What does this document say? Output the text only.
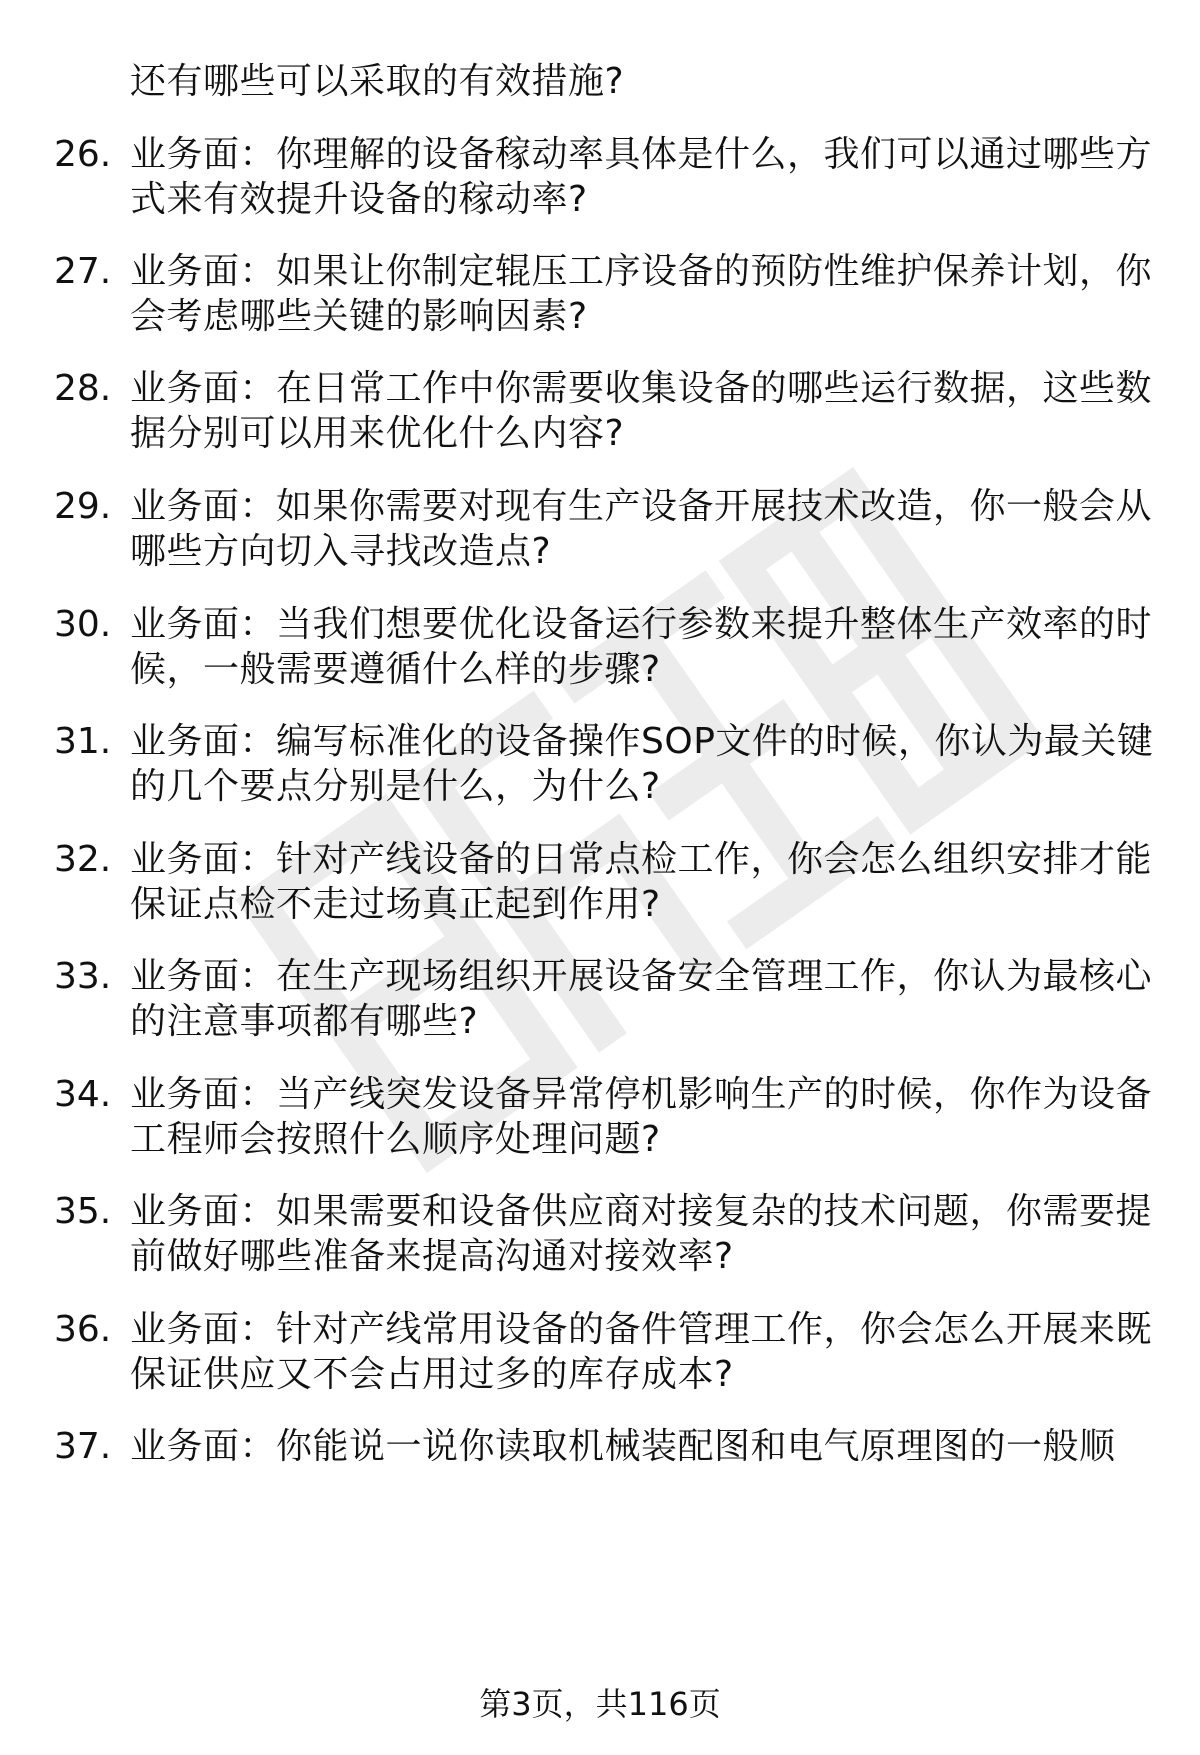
还有哪些可以采取的有效措施?
26. 业务面：你理解的设备稼动率具体是什么，我们可以通过哪些方
式来有效提升设备的稼动率?
27. 业务面：如果让你制定辊压工序设备的预防性维护保养计划，你
会考虑哪些关键的影响因素?
28. 业务面：在日常工作中你需要收集设备的哪些运行数据，这些数
据分别可以用来优化什么内容?
29. 业务面：如果你需要对现有生产设备开展技术改造，你一般会从
哪些方向切入寻找改造点?
30. 业务面：当我们想要优化设备运行参数来提升整体生产效率的时
候，一般需要遵循什么样的步骤?
31. 业务面：编写标准化的设备操作SOP文件的时候，你认为最关键
的几个要点分别是什么，为什么?
32. 业务面：针对产线设备的日常点检工作，你会怎么组织安排才能
保证点检不走过场真正起到作用?
33. 业务面：在生产现场组织开展设备安全管理工作，你认为最核心
的注意事项都有哪些?
34. 业务面：当产线突发设备异常停机影响生产的时候，你作为设备
工程师会按照什么顺序处理问题?
35. 业务面：如果需要和设备供应商对接复杂的技术问题，你需要提
前做好哪些准备来提高沟通对接效率?
36. 业务面：针对产线常用设备的备件管理工作，你会怎么开展来既
保证供应又不会占用过多的库存成本?
37. 业务面：你能说一说你读取机械装配图和电气原理图的一般顺
第3页，共116页
